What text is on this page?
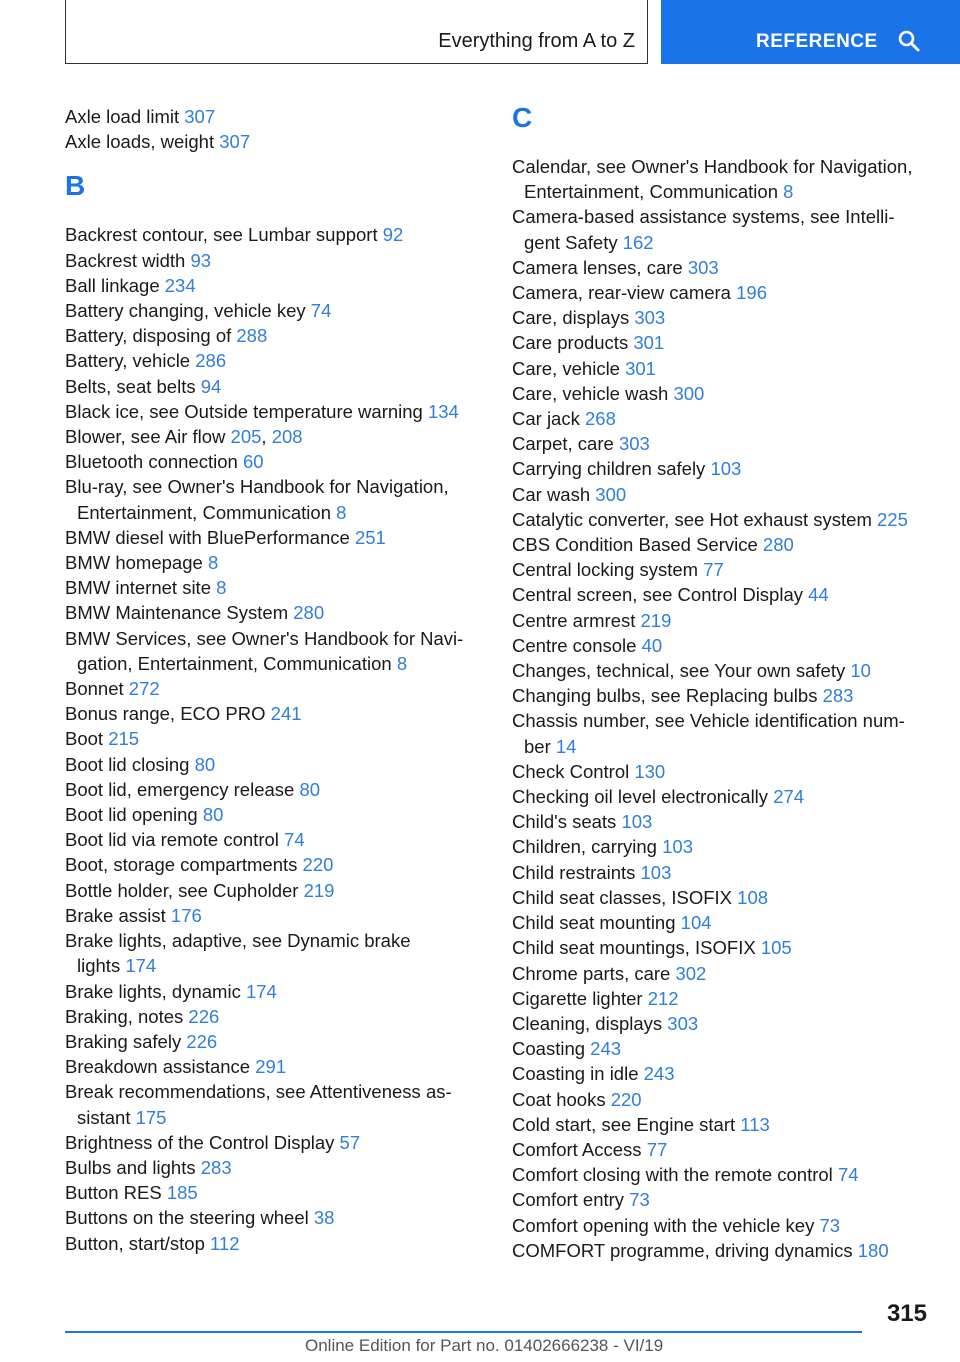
Everything from A to Z	REFERENCE
Axle load limit 307
Axle loads, weight 307
B
Backrest contour, see Lumbar support 92
Backrest width 93
Ball linkage 234
Battery changing, vehicle key 74
Battery, disposing of 288
Battery, vehicle 286
Belts, seat belts 94
Black ice, see Outside temperature warning 134
Blower, see Air flow 205, 208
Bluetooth connection 60
Blu-ray, see Owner's Handbook for Navigation,
Entertainment, Communication 8
BMW diesel with BluePerformance 251
BMW homepage 8
BMW internet site 8
BMW Maintenance System 280
BMW Services, see Owner's Handbook for Navi-
gation, Entertainment, Communication 8
Bonnet 272
Bonus range, ECO PRO 241
Boot 215
Boot lid closing 80
Boot lid, emergency release 80
Boot lid opening 80
Boot lid via remote control 74
Boot, storage compartments 220
Bottle holder, see Cupholder 219
Brake assist 176
Brake lights, adaptive, see Dynamic brake
lights 174
Brake lights, dynamic 174
Braking, notes 226
Braking safely 226
Breakdown assistance 291
Break recommendations, see Attentiveness as-
sistant 175
Brightness of the Control Display 57
Bulbs and lights 283
Button RES 185
Buttons on the steering wheel 38
Button, start/stop 112
C
Calendar, see Owner's Handbook for Navigation,
Entertainment, Communication 8
Camera-based assistance systems, see Intelli-
gent Safety 162
Camera lenses, care 303
Camera, rear-view camera 196
Care, displays 303
Care products 301
Care, vehicle 301
Care, vehicle wash 300
Car jack 268
Carpet, care 303
Carrying children safely 103
Car wash 300
Catalytic converter, see Hot exhaust system 225
CBS Condition Based Service 280
Central locking system 77
Central screen, see Control Display 44
Centre armrest 219
Centre console 40
Changes, technical, see Your own safety 10
Changing bulbs, see Replacing bulbs 283
Chassis number, see Vehicle identification num-
ber 14
Check Control 130
Checking oil level electronically 274
Child's seats 103
Children, carrying 103
Child restraints 103
Child seat classes, ISOFIX 108
Child seat mounting 104
Child seat mountings, ISOFIX 105
Chrome parts, care 302
Cigarette lighter 212
Cleaning, displays 303
Coasting 243
Coasting in idle 243
Coat hooks 220
Cold start, see Engine start 113
Comfort Access 77
Comfort closing with the remote control 74
Comfort entry 73
Comfort opening with the vehicle key 73
COMFORT programme, driving dynamics 180
315
Online Edition for Part no. 01402666238 - VI/19
